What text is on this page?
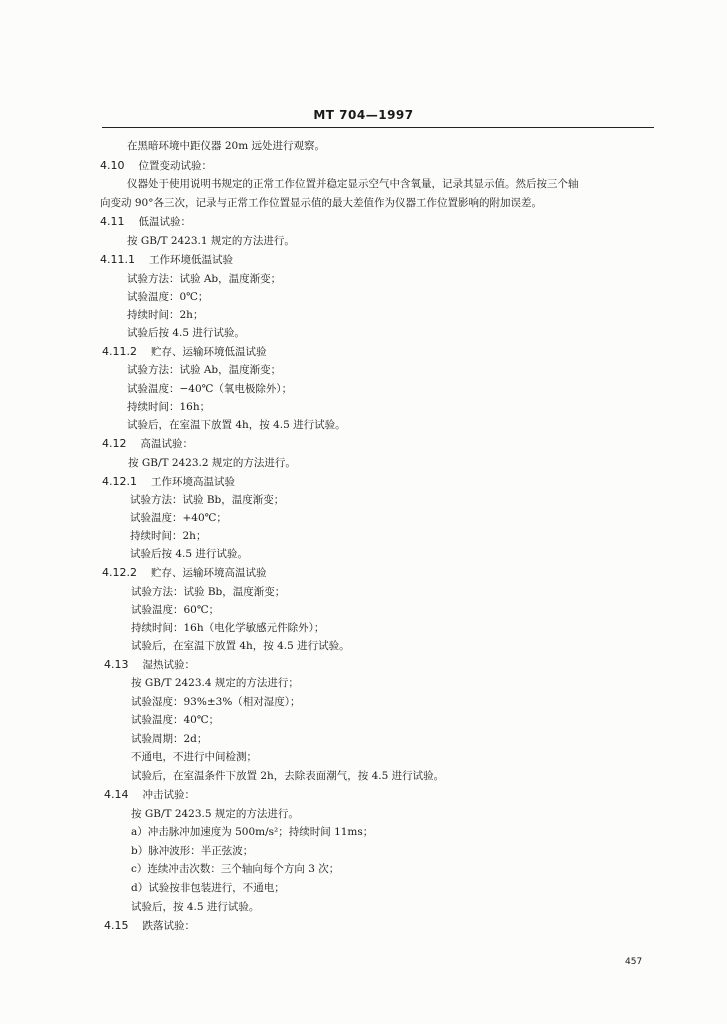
MT 704—1997
在黑暗环境中距仪器 20m 远处进行观察。
4.10 位置变动试验：
仪器处于使用说明书规定的正常工作位置并稳定显示空气中含氧量，记录其显示值。然后按三个轴
向变动 90°各三次，记录与正常工作位置显示值的最大差值作为仪器工作位置影响的附加误差。
4.11 低温试验：
按 GB/T 2423.1 规定的方法进行。
4.11.1 工作环境低温试验
试验方法：试验 Ab，温度渐变；
试验温度：0℃；
持续时间：2h；
试验后按 4.5 进行试验。
4.11.2 贮存、运输环境低温试验
试验方法：试验 Ab，温度渐变；
试验温度：−40℃（氧电极除外）；
持续时间：16h；
试验后，在室温下放置 4h，按 4.5 进行试验。
4.12 高温试验：
按 GB/T 2423.2 规定的方法进行。
4.12.1 工作环境高温试验
试验方法：试验 Bb，温度渐变；
试验温度：+40℃；
持续时间：2h；
试验后按 4.5 进行试验。
4.12.2 贮存、运输环境高温试验
试验方法：试验 Bb，温度渐变；
试验温度：60℃；
持续时间：16h（电化学敏感元件除外）；
试验后，在室温下放置 4h，按 4.5 进行试验。
4.13 湿热试验：
按 GB/T 2423.4 规定的方法进行；
试验湿度：93%±3%（相对湿度）；
试验温度：40℃；
试验周期：2d；
不通电，不进行中间检测；
试验后，在室温条件下放置 2h，去除表面潮气，按 4.5 进行试验。
4.14 冲击试验：
按 GB/T 2423.5 规定的方法进行。
a）冲击脉冲加速度为 500m/s²；持续时间 11ms；
b）脉冲波形：半正弦波；
c）连续冲击次数：三个轴向每个方向 3 次；
d）试验按非包装进行，不通电；
试验后，按 4.5 进行试验。
4.15 跌落试验：
457
